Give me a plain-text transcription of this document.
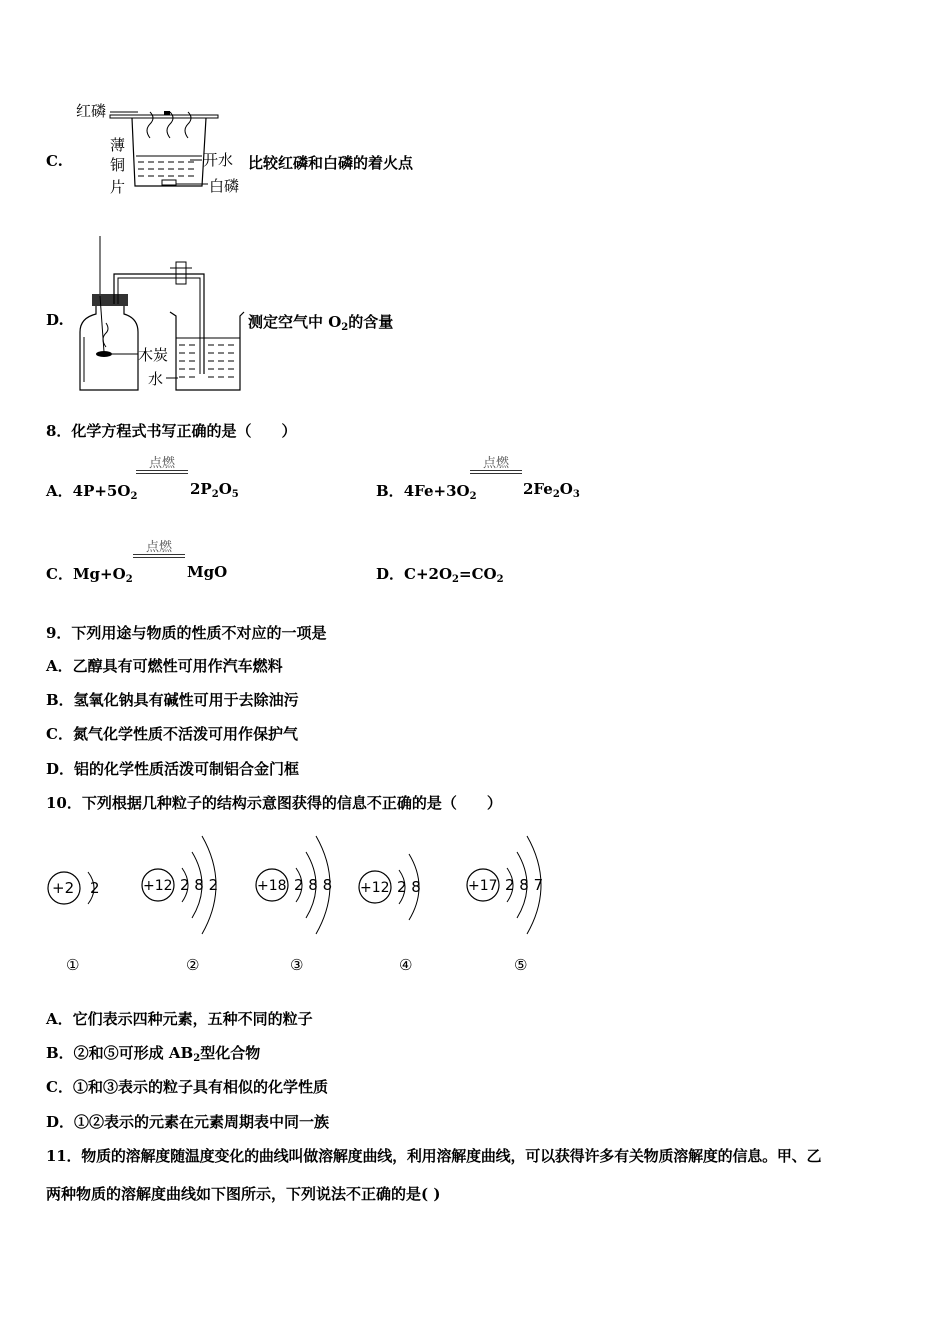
C.
红磷
薄
铜
片
开水
白磷
比较红磷和白磷的着火点
D.
木炭
水
测定空气中 $O_2$的含量
8．化学方程式书写正确的是（　　）
A．$4P+5O_2$
点燃
$2P_2O_5$	B．$4Fe+3O_2$
点燃
$2Fe_2O_3$
C．$Mg+O_2$
点燃
MgO	D．$C+2O_2=CO_2$
9．下列用途与物质的性质不对应的一项是
A．乙醇具有可燃性可用作汽车燃料
B．氢氧化钠具有碱性可用于去除油污
C．氮气化学性质不活泼可用作保护气
D．铝的化学性质活泼可制铝合金门框
10．下列根据几种粒子的结构示意图获得的信息不正确的是（　　）
+2 2
①
+12 2 8 2
②
+18 2 8 8
③
+12 2 8
④
+17 2 8 7
⑤
A．它们表示四种元素，五种不同的粒子
B．②和⑤可形成 $AB_2$型化合物
C．①和③表示的粒子具有相似的化学性质
D．①②表示的元素在元素周期表中同一族
11．物质的溶解度随温度变化的曲线叫做溶解度曲线，利用溶解度曲线，可以获得许多有关物质溶解度的信息。甲、乙
两种物质的溶解度曲线如下图所示，下列说法不正确的是( )
